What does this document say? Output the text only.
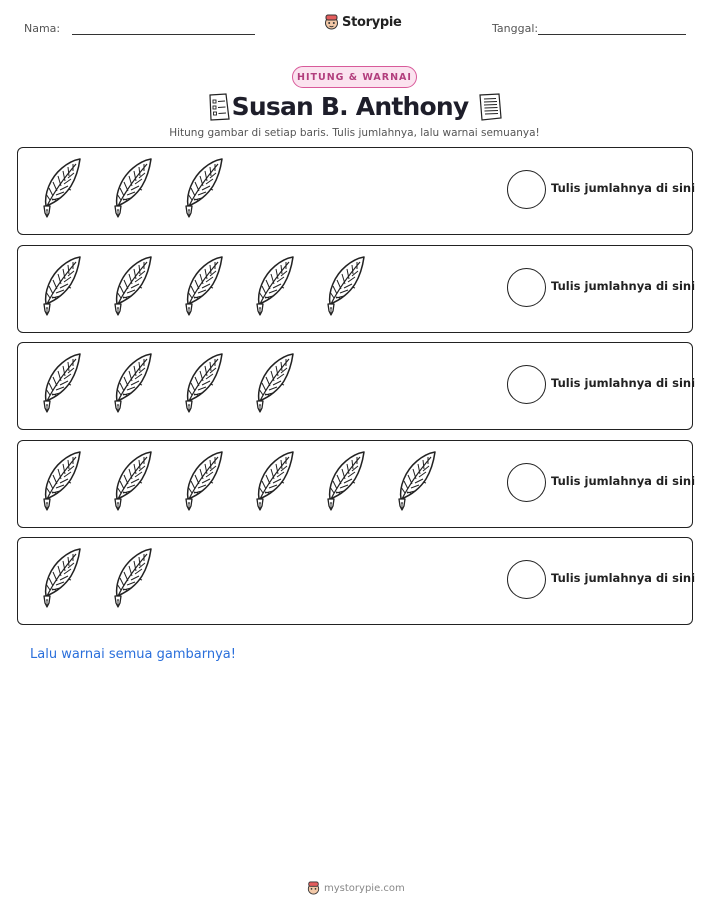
Nama:	Storypie	Tanggal:
HITUNG & WARNAI
Susan B. Anthony
Hitung gambar di setiap baris. Tulis jumlahnya, lalu warnai semuanya!
Tulis jumlahnya di sini
Tulis jumlahnya di sini
Tulis jumlahnya di sini
Tulis jumlahnya di sini
Tulis jumlahnya di sini
Lalu warnai semua gambarnya!
mystorypie.com
